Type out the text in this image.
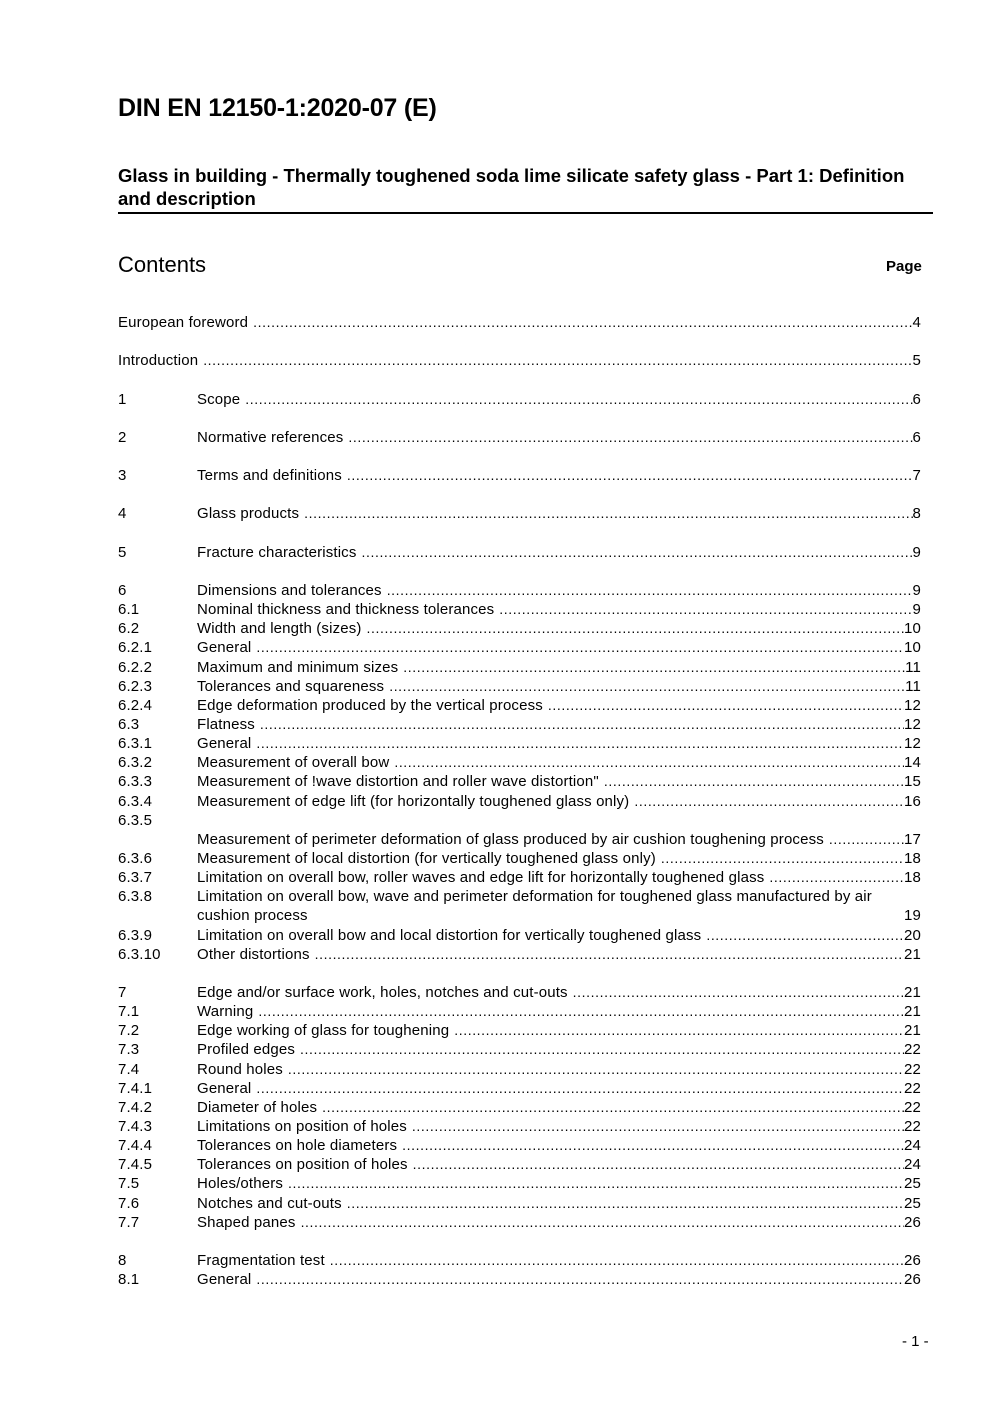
DIN EN 12150-1:2020-07 (E)
Glass in building - Thermally toughened soda lime silicate safety glass - Part 1: Definition and description
Contents	Page
European foreword .....	4
Introduction .....	5
1	Scope .....	6
2	Normative references .....	6
3	Terms and definitions .....	7
4	Glass products .....	8
5	Fracture characteristics .....	9
6	Dimensions and tolerances .....	9
6.1	Nominal thickness and thickness tolerances .....	9
6.2	Width and length (sizes) .....	10
6.2.1	General .....	10
6.2.2	Maximum and minimum sizes .....	11
6.2.3	Tolerances and squareness .....	11
6.2.4	Edge deformation produced by the vertical process .....	12
6.3	Flatness .....	12
6.3.1	General .....	12
6.3.2	Measurement of overall bow .....	14
6.3.3	Measurement of !wave distortion and roller wave distortion" .....	15
6.3.4	Measurement of edge lift (for horizontally toughened glass only) .....	16
6.3.5
Measurement of perimeter deformation of glass produced by air cushion toughening process .....	17
6.3.6	Measurement of local distortion (for vertically toughened glass only) .....	18
6.3.7	Limitation on overall bow, roller waves and edge lift for horizontally toughened glass .....	18
6.3.8	Limitation on overall bow, wave and perimeter deformation for toughened glass manufactured by air cushion process	19
6.3.9	Limitation on overall bow and local distortion for vertically toughened glass .....	20
6.3.10 Other distortions .....	21
7	Edge and/or surface work, holes, notches and cut-outs .....	21
7.1	Warning .....	21
7.2	Edge working of glass for toughening .....	21
7.3	Profiled edges .....	22
7.4	Round holes .....	22
7.4.1	General .....	22
7.4.2	Diameter of holes .....	22
7.4.3	Limitations on position of holes .....	22
7.4.4	Tolerances on hole diameters .....	24
7.4.5	Tolerances on position of holes .....	24
7.5	Holes/others .....	25
7.6	Notches and cut-outs .....	25
7.7	Shaped panes .....	26
8	Fragmentation test .....	26
8.1	General .....	26
- 1 -
